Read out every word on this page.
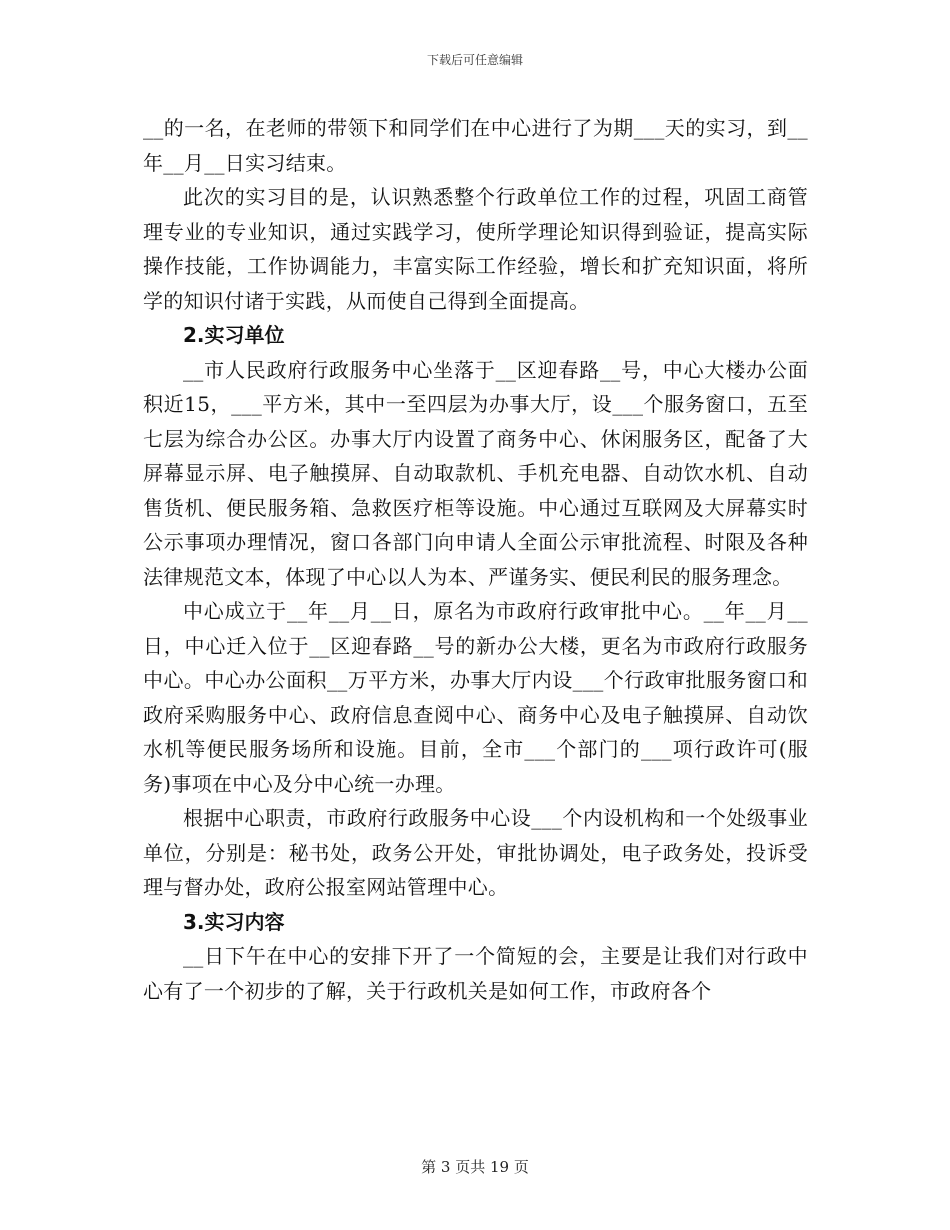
下载后可任意编辑

__的一名，在老师的带领下和同学们在中心进行了为期___天的实习，到__年__月__日实习结束。

此次的实习目的是，认识熟悉整个行政单位工作的过程，巩固工商管理专业的专业知识，通过实践学习，使所学理论知识得到验证，提高实际操作技能，工作协调能力，丰富实际工作经验，增长和扩充知识面，将所学的知识付诸于实践，从而使自己得到全面提高。

2.实习单位

__市人民政府行政服务中心坐落于__区迎春路__号，中心大楼办公面积近15，___平方米，其中一至四层为办事大厅，设___个服务窗口，五至七层为综合办公区。办事大厅内设置了商务中心、休闲服务区，配备了大屏幕显示屏、电子触摸屏、自动取款机、手机充电器、自动饮水机、自动售货机、便民服务箱、急救医疗柜等设施。中心通过互联网及大屏幕实时公示事项办理情况，窗口各部门向申请人全面公示审批流程、时限及各种法律规范文本，体现了中心以人为本、严谨务实、便民利民的服务理念。

中心成立于__年__月__日，原名为市政府行政审批中心。__年__月__日，中心迁入位于__区迎春路__号的新办公大楼，更名为市政府行政服务中心。中心办公面积__万平方米，办事大厅内设___个行政审批服务窗口和政府采购服务中心、政府信息查阅中心、商务中心及电子触摸屏、自动饮水机等便民服务场所和设施。目前，全市___个部门的___项行政许可(服务)事项在中心及分中心统一办理。

根据中心职责，市政府行政服务中心设___个内设机构和一个处级事业单位，分别是：秘书处，政务公开处，审批协调处，电子政务处，投诉受理与督办处，政府公报室网站管理中心。

3.实习内容

__日下午在中心的安排下开了一个简短的会，主要是让我们对行政中心有了一个初步的了解，关于行政机关是如何工作，市政府各个

第 3 页共 19 页
